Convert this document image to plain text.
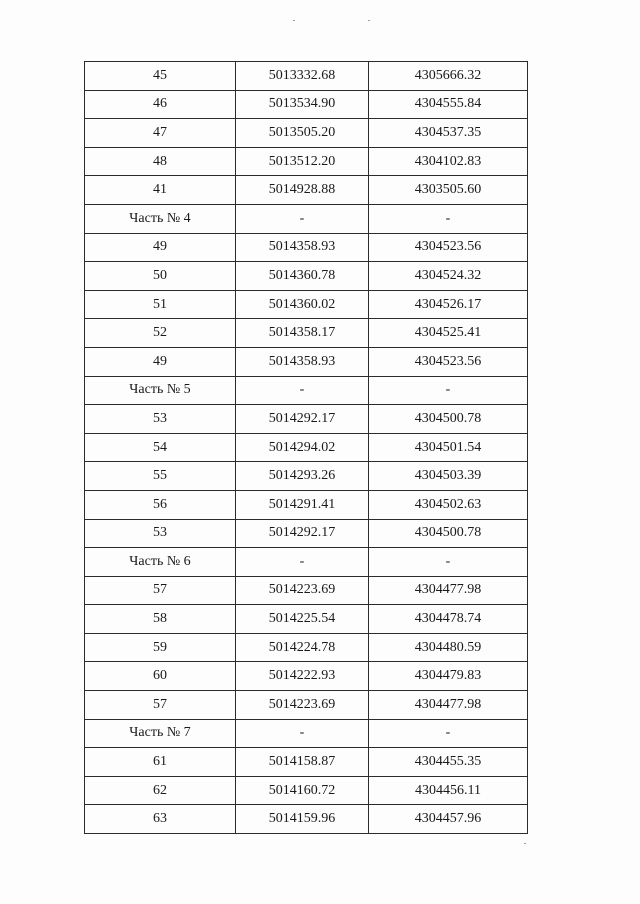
45	5013332.68	4305666.32
46	5013534.90	4304555.84
47	5013505.20	4304537.35
48	5013512.20	4304102.83
41	5014928.88	4303505.60
Часть № 4	-	-
49	5014358.93	4304523.56
50	5014360.78	4304524.32
51	5014360.02	4304526.17
52	5014358.17	4304525.41
49	5014358.93	4304523.56
Часть № 5	-	-
53	5014292.17	4304500.78
54	5014294.02	4304501.54
55	5014293.26	4304503.39
56	5014291.41	4304502.63
53	5014292.17	4304500.78
Часть № 6	-	-
57	5014223.69	4304477.98
58	5014225.54	4304478.74
59	5014224.78	4304480.59
60	5014222.93	4304479.83
57	5014223.69	4304477.98
Часть № 7	-	-
61	5014158.87	4304455.35
62	5014160.72	4304456.11
63	5014159.96	4304457.96
